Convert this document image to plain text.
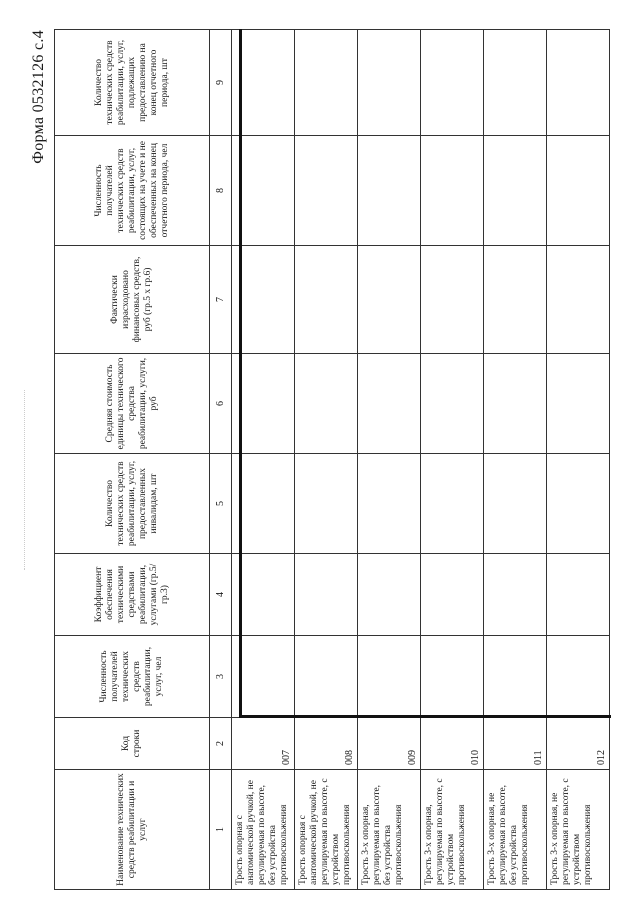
Форма 0532126 с.4
Наименование технических средств реабилитации и услуг	Код строки	Численность получателей технических средств реабилитации, услуг, чел	Коэффициент обеспечения техническими средствами реабилитации, услугами (гр.5/гр.3)	Количество технических средств реабилитации, услуг, предоставленных инвалидам, шт	Средняя стоимость единицы технического средства реабилитации, услуги, руб	Фактически израсходовано финансовых средств, руб (гр.5 х гр.6)	Численность получателей технических средств реабилитации, услуг, состоящих на учете и не обеспеченных на конец отчетного периода, чел	Количество технических средств реабилитации, услуг, подлежащих предоставлению на конец отчетного периода, шт
1	2	3	4	5	6	7	8	9
Трость опорная с анатомической ручкой, не регулируемая по высоте, без устройства противоскольжения	007							
Трость опорная с анатомической ручкой, не регулируемая по высоте, с устройством противоскольжения	008							
Трость 3-х опорная, регулируемая по высоте, без устройства противоскольжения	009							
Трость 3-х опорная, регулируемая по высоте, с устройством противоскольжения	010							
Трость 3-х опорная, не регулируемая по высоте, без устройства противоскольжения	011							
Трость 3-х опорная, не регулируемая по высоте, с устройством противоскольжения	012							
